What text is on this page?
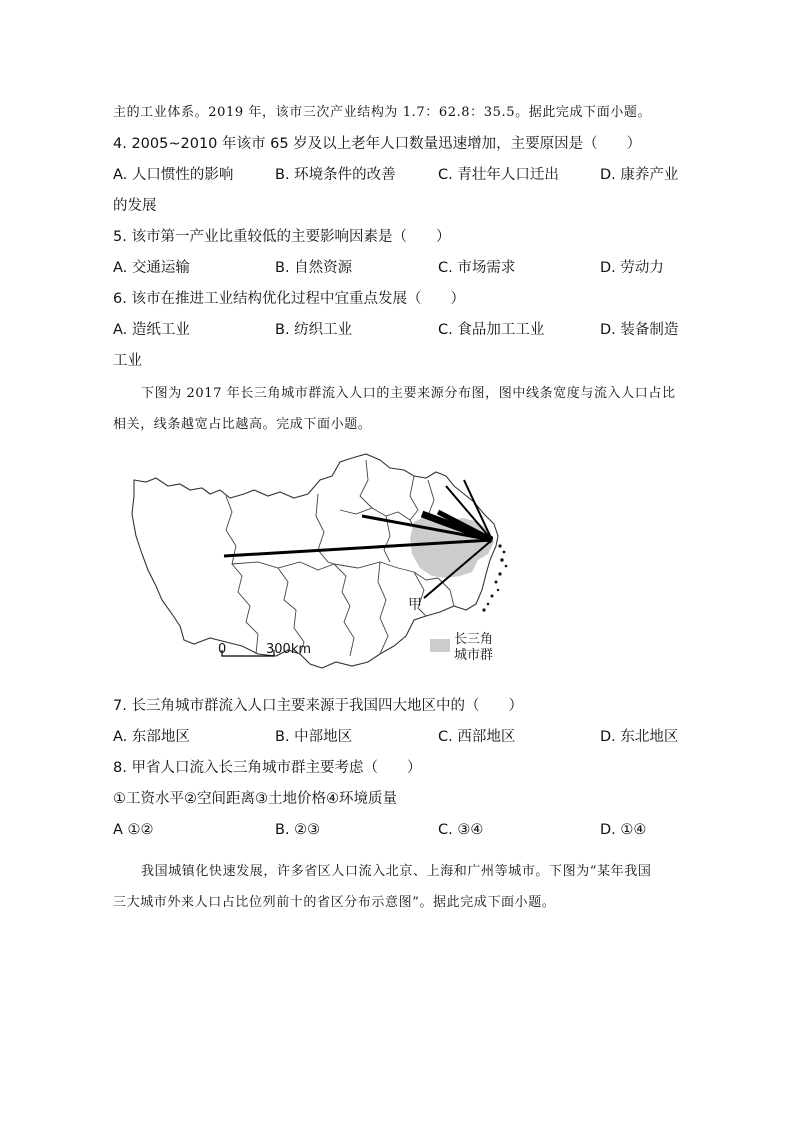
主的工业体系。2019 年，该市三次产业结构为 1.7：62.8：35.5。据此完成下面小题。
4. 2005~2010 年该市 65 岁及以上老年人口数量迅速增加，主要原因是（　　）
A. 人口惯性的影响	B. 环境条件的改善	C. 青壮年人口迁出	D. 康养产业
的发展
5. 该市第一产业比重较低的主要影响因素是（　　）
A. 交通运输	B. 自然资源	C. 市场需求	D. 劳动力
6. 该市在推进工业结构优化过程中宜重点发展（　　）
A. 造纸工业	B. 纺织工业	C. 食品加工工业	D. 装备制造
工业
下图为 2017 年长三角城市群流入人口的主要来源分布图，图中线条宽度与流入人口占比
相关，线条越宽占比越高。完成下面小题。
0	300km
甲
长三角
城市群
7. 长三角城市群流入人口主要来源于我国四大地区中的（　　）
A. 东部地区	B. 中部地区	C. 西部地区	D. 东北地区
8. 甲省人口流入长三角城市群主要考虑（　　）
①工资水平②空间距离③土地价格④环境质量
A ①②	B. ②③	C. ③④	D. ①④
我国城镇化快速发展，许多省区人口流入北京、上海和广州等城市。下图为“某年我国
三大城市外来人口占比位列前十的省区分布示意图”。据此完成下面小题。
